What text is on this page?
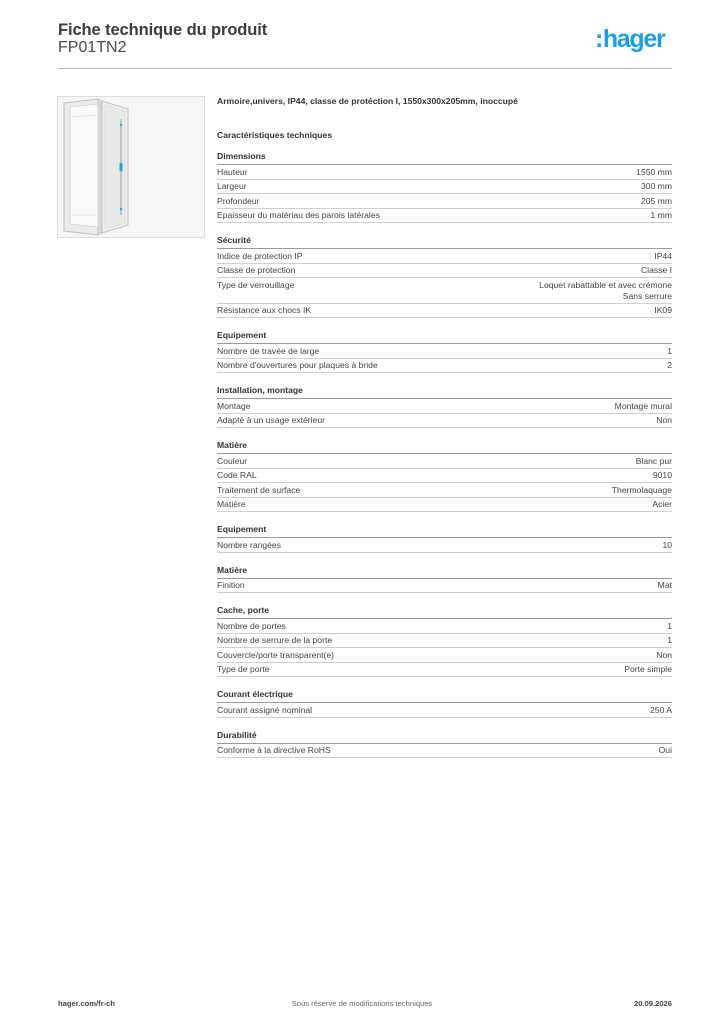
Fiche technique du produit
FP01TN2	:hager
Armoire,univers, IP44, classe de protéction I, 1550x300x205mm, inoccupé
Caractéristiques techniques
Dimensions
Hauteur	1550 mm
Largeur	300 mm
Profondeur	205 mm
Epaisseur du matériau des parois latérales	1 mm
Sécurité
Indice de protection IP	IP44
Classe de protection	Classe I
Type de verrouillage	Loquet rabattable et avec crémone
Sans serrure
Résistance aux chocs IK	IK09
Equipement
Nombre de travée de large	1
Nombre d'ouvertures pour plaques à bride	2
Installation, montage
Montage	Montage mural
Adapté à un usage extérieur	Non
Matière
Couleur	Blanc pur
Code RAL	9010
Traitement de surface	Thermolaquage
Matière	Acier
Equipement
Nombre rangées	10
Matière
Finition	Mat
Cache, porte
Nombre de portes	1
Nombre de serrure de la porte	1
Couvercle/porte transparent(e)	Non
Type de porte	Porte simple
Courant électrique
Courant assigné nominal	250 A
Durabilité
Conforme à la directive RoHS	Oui
hager.com/fr-ch	Sous réserve de modifications techniques	20.09.2026
